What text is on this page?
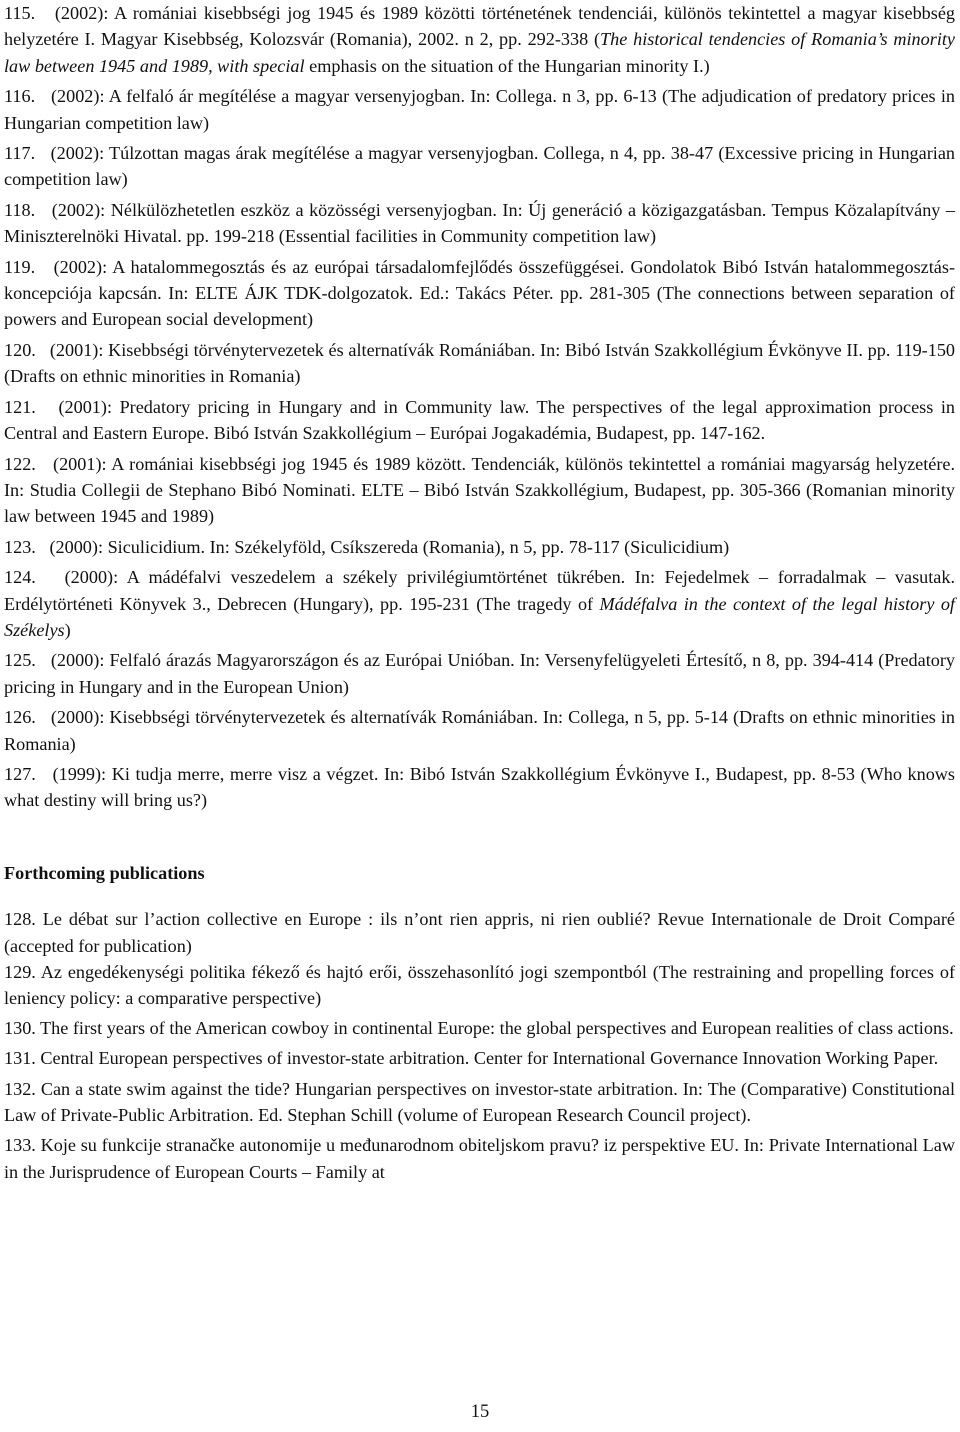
115. (2002): A romániai kisebbségi jog 1945 és 1989 közötti történetének tendenciái, különös tekintettel a magyar kisebbség helyzetére I. Magyar Kisebbség, Kolozsvár (Romania), 2002. n 2, pp. 292-338 (The historical tendencies of Romania’s minority law between 1945 and 1989, with special emphasis on the situation of the Hungarian minority I.)

116. (2002): A felfaló ár megítélése a magyar versenyjogban. In: Collega. n 3, pp. 6-13 (The adjudication of predatory prices in Hungarian competition law)

117. (2002): Túlzottan magas árak megítélése a magyar versenyjogban. Collega, n 4, pp. 38-47 (Excessive pricing in Hungarian competition law)

118. (2002): Nélkülözhetetlen eszköz a közösségi versenyjogban. In: Új generáció a közigazgatásban. Tempus Közalapítvány – Miniszterelnöki Hivatal. pp. 199-218 (Essential facilities in Community competition law)

119. (2002): A hatalommegosztás és az európai társadalomfejlődés összefüggései. Gondolatok Bibó István hatalommegosztás-koncepciója kapcsán. In: ELTE ÁJK TDK-dolgozatok. Ed.: Takács Péter. pp. 281-305 (The connections between separation of powers and European social development)

120. (2001): Kisebbségi törvénytervezetek és alternatívák Romániában. In: Bibó István Szakkollégium Évkönyve II. pp. 119-150 (Drafts on ethnic minorities in Romania)

121. (2001): Predatory pricing in Hungary and in Community law. The perspectives of the legal approximation process in Central and Eastern Europe. Bibó István Szakkollégium – Európai Jogakadémia, Budapest, pp. 147-162.

122. (2001): A romániai kisebbségi jog 1945 és 1989 között. Tendenciák, különös tekintettel a romániai magyarság helyzetére. In: Studia Collegii de Stephano Bibó Nominati. ELTE – Bibó István Szakkollégium, Budapest, pp. 305-366 (Romanian minority law between 1945 and 1989)

123. (2000): Siculicidium. In: Székelyföld, Csíkszereda (Romania), n 5, pp. 78-117 (Siculicidium)

124. (2000): A mádéfalvi veszedelem a székely privilégiumtörténet tükrében. In: Fejedelmek – forradalmak – vasutak. Erdélytörténeti Könyvek 3., Debrecen (Hungary), pp. 195-231 (The tragedy of Mádéfalva in the context of the legal history of Székelys)

125. (2000): Felfaló árazás Magyarországon és az Európai Unióban. In: Versenyfelügyeleti Értesítő, n 8, pp. 394-414 (Predatory pricing in Hungary and in the European Union)

126. (2000): Kisebbségi törvénytervezetek és alternatívák Romániában. In: Collega, n 5, pp. 5-14 (Drafts on ethnic minorities in Romania)

127. (1999): Ki tudja merre, merre visz a végzet. In: Bibó István Szakkollégium Évkönyve I., Budapest, pp. 8-53 (Who knows what destiny will bring us?)

Forthcoming publications

128. Le débat sur l’action collective en Europe : ils n’ont rien appris, ni rien oublié? Revue Internationale de Droit Comparé (accepted for publication)

129. Az engedékenységi politika fékező és hajtó erői, összehasonlító jogi szempontból (The restraining and propelling forces of leniency policy: a comparative perspective)

130. The first years of the American cowboy in continental Europe: the global perspectives and European realities of class actions.

131. Central European perspectives of investor-state arbitration. Center for International Governance Innovation Working Paper.

132. Can a state swim against the tide? Hungarian perspectives on investor-state arbitration. In: The (Comparative) Constitutional Law of Private-Public Arbitration. Ed. Stephan Schill (volume of European Research Council project).

133. Koje su funkcije stranačke autonomije u međunarodnom obiteljskom pravu? iz perspektive EU. In: Private International Law in the Jurisprudence of European Courts – Family at

15
